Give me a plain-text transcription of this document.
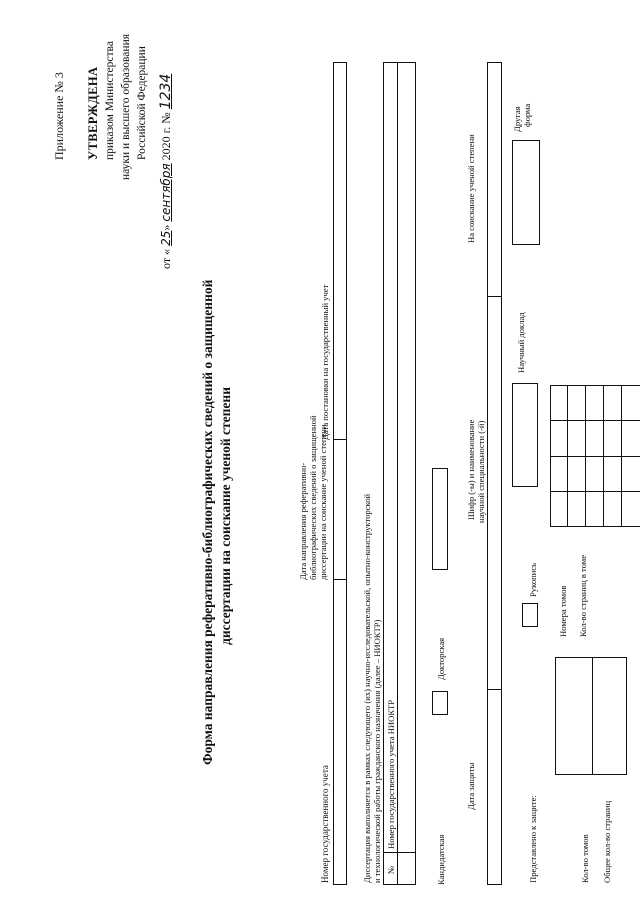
Приложение № 3 УТВЕРЖДЕНА приказом Министерства науки и высшего образования Российской Федерации
от « 25» сентября 2020 г. № 1234
Форма направления реферативно-библиографических сведений о защищенной диссертации на соискание ученой степени
Номер государственного учета
Дата направления реферативно- библиографических сведений о защищенной диссертации на соискание ученой степени
Дата постановки на государственный учет
Диссертация выполняется в рамках следующего (их) научно-исследовательской, опытно-конструкторской и технологической работы гражданского назначения (далее – НИОКТР) №
Номер государственного учета НИОКТР
Кандидатская
Докторская
Дата защиты
Шифр (-ы) и наименование научной специальности (-й)
На соискание ученой степени
Представлено к защите:
Рукопись
Научный доклад
Другая форма
Кол-во томов Общее кол-во страниц
Номера томов Кол-во страниц в томе
